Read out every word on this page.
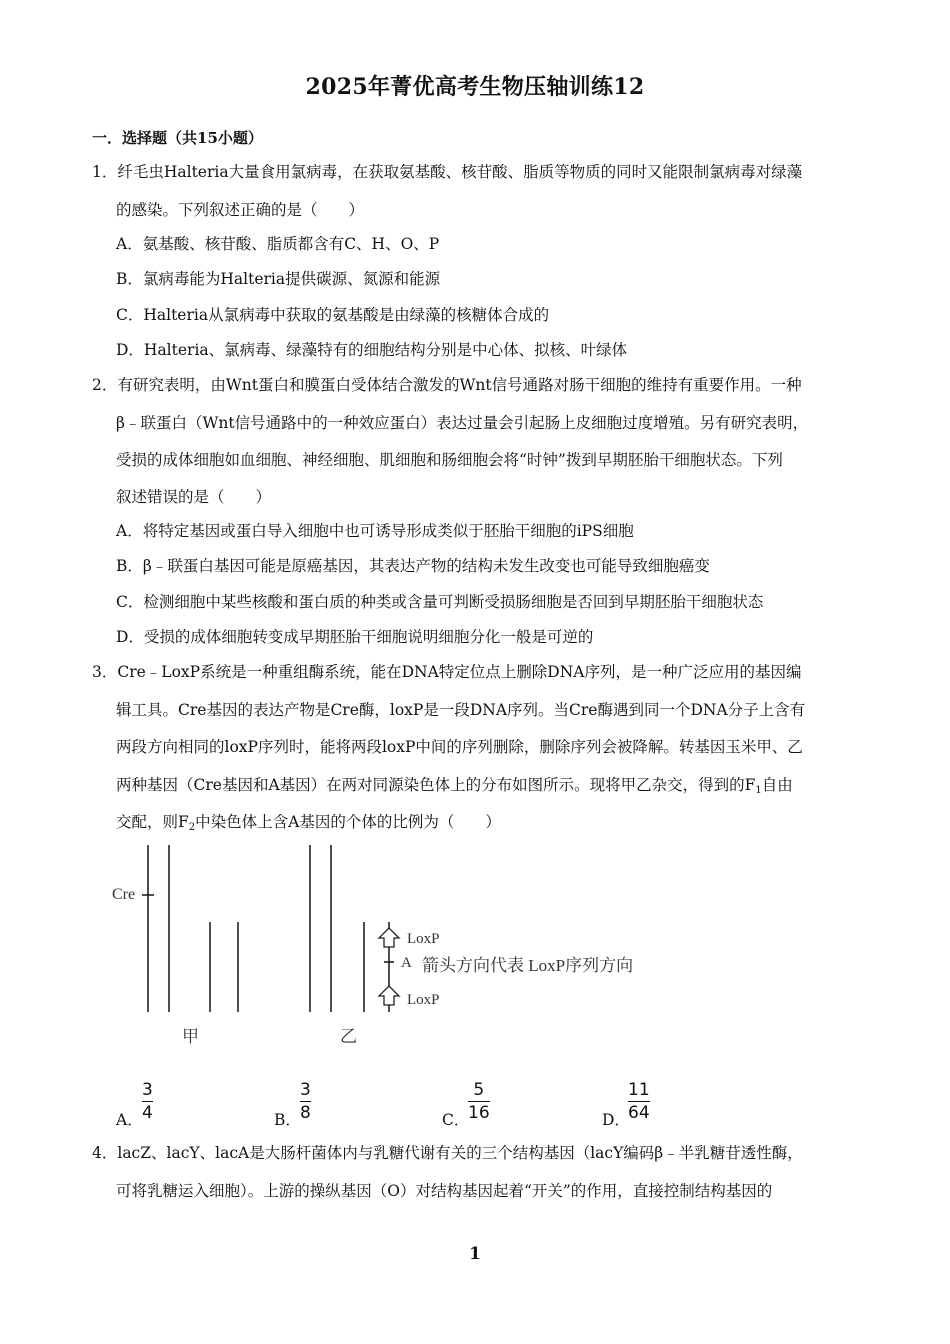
2025年菁优高考生物压轴训练12
一．选择题（共15小题）
1．纤毛虫Halteria大量食用氯病毒，在获取氨基酸、核苷酸、脂质等物质的同时又能限制氯病毒对绿藻
的感染。下列叙述正确的是（　　）
A．氨基酸、核苷酸、脂质都含有C、H、O、P
B．氯病毒能为Halteria提供碳源、氮源和能源
C．Halteria从氯病毒中获取的氨基酸是由绿藻的核糖体合成的
D．Halteria、氯病毒、绿藻特有的细胞结构分别是中心体、拟核、叶绿体
2．有研究表明，由Wnt蛋白和膜蛋白受体结合激发的Wnt信号通路对肠干细胞的维持有重要作用。一种
β﹣联蛋白（Wnt信号通路中的一种效应蛋白）表达过量会引起肠上皮细胞过度增殖。另有研究表明，
受损的成体细胞如血细胞、神经细胞、肌细胞和肠细胞会将“时钟”拨到早期胚胎干细胞状态。下列
叙述错误的是（　　）
A．将特定基因或蛋白导入细胞中也可诱导形成类似于胚胎干细胞的iPS细胞
B．β﹣联蛋白基因可能是原癌基因，其表达产物的结构未发生改变也可能导致细胞癌变
C．检测细胞中某些核酸和蛋白质的种类或含量可判断受损肠细胞是否回到早期胚胎干细胞状态
D．受损的成体细胞转变成早期胚胎干细胞说明细胞分化一般是可逆的
3．Cre﹣LoxP系统是一种重组酶系统，能在DNA特定位点上删除DNA序列，是一种广泛应用的基因编
辑工具。Cre基因的表达产物是Cre酶，loxP是一段DNA序列。当Cre酶遇到同一个DNA分子上含有
两段方向相同的loxP序列时，能将两段loxP中间的序列删除，删除序列会被降解。转基因玉米甲、乙
两种基因（Cre基因和A基因）在两对同源染色体上的分布如图所示。现将甲乙杂交，得到的$F_1$自由
交配，则$F_2$中染色体上含A基因的个体的比例为（　　）
Cre
LoxP
A 箭头方向代表 LoxP序列方向
LoxP
甲	乙
A．
3
4	B．
3
8	C．
5
16	D．
11
64
4．lacZ、lacY、lacA是大肠杆菌体内与乳糖代谢有关的三个结构基因（lacY编码β﹣半乳糖苷透性酶，
可将乳糖运入细胞）。上游的操纵基因（O）对结构基因起着“开关”的作用，直接控制结构基因的
1
